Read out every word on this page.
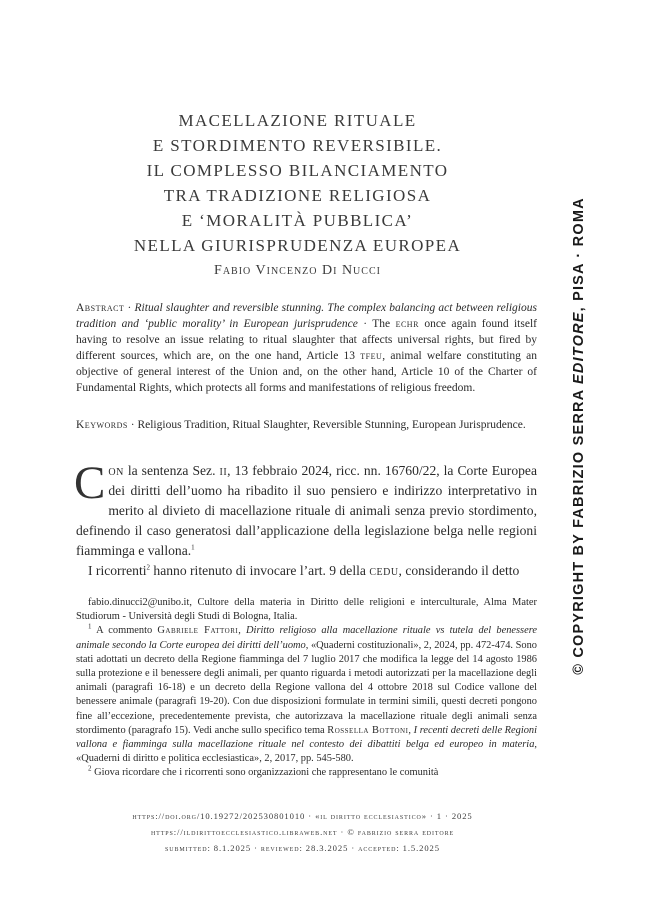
MACELLAZIONE RITUALE
E STORDIMENTO REVERSIBILE.
IL COMPLESSO BILANCIAMENTO
TRA TRADIZIONE RELIGIOSA
E ‘MORALITÀ PUBBLICA’
NELLA GIURISPRUDENZA EUROPEA
Fabio Vincenzo Di Nucci
Abstract · Ritual slaughter and reversible stunning. The complex balancing act between religious tradition and ‘public morality’ in European jurisprudence · The echr once again found itself having to resolve an issue relating to ritual slaughter that affects universal rights, but fired by different sources, which are, on the one hand, Article 13 tfeu, animal welfare constituting an objective of general interest of the Union and, on the other hand, Article 10 of the Charter of Fundamental Rights, which protects all forms and manifestations of religious freedom.
Keywords · Religious Tradition, Ritual Slaughter, Reversible Stunning, European Jurisprudence.

Con la sentenza Sez. ii, 13 febbraio 2024, ricc. nn. 16760/22, la Corte Europea dei diritti dell’uomo ha ribadito il suo pensiero e indirizzo interpretativo in merito al divieto di macellazione rituale di animali senza previo stordimento, definendo il caso generatosi dall’applicazione della legislazione belga nelle regioni fiamminga e vallona.$^1$

I ricorrenti$^2$ hanno ritenuto di invocare l’art. 9 della cedu, considerando il detto

fabio.dinucci2@unibo.it, Cultore della materia in Diritto delle religioni e interculturale, Alma Mater Studiorum - Università degli Studi di Bologna, Italia.

$^1$ A commento Gabriele Fattori, Diritto religioso alla macellazione rituale vs tutela del benessere animale secondo la Corte europea dei diritti dell’uomo, «Quaderni costituzionali», 2, 2024, pp. 472-474. Sono stati adottati un decreto della Regione fiamminga del 7 luglio 2017 che modifica la legge del 14 agosto 1986 sulla protezione e il benessere degli animali, per quanto riguarda i metodi autorizzati per la macellazione degli animali (paragrafi 16-18) e un decreto della Regione vallona del 4 ottobre 2018 sul Codice vallone del benessere animale (paragrafi 19-20). Con due disposizioni formulate in termini simili, questi decreti pongono fine all’eccezione, precedentemente prevista, che autorizzava la macellazione rituale degli animali senza stordimento (paragrafo 15). Vedi anche sullo specifico tema Rossella Bottoni, I recenti decreti delle Regioni vallona e fiamminga sulla macellazione rituale nel contesto dei dibattiti belga ed europeo in materia, «Quaderni di diritto e politica ecclesiastica», 2, 2017, pp. 545-580.

$^2$ Giova ricordare che i ricorrenti sono organizzazioni che rappresentano le comunità

https://doi.org/10.19272/202530801010 · «il diritto ecclesiastico» · 1 · 2025
https://ildirittoecclesiastico.libraweb.net · © fabrizio serra editore
submitted: 8.1.2025 · reviewed: 28.3.2025 · accepted: 1.5.2025
© COPYRIGHT BY FABRIZIO SERRA EDITORE, PISA · ROMA
